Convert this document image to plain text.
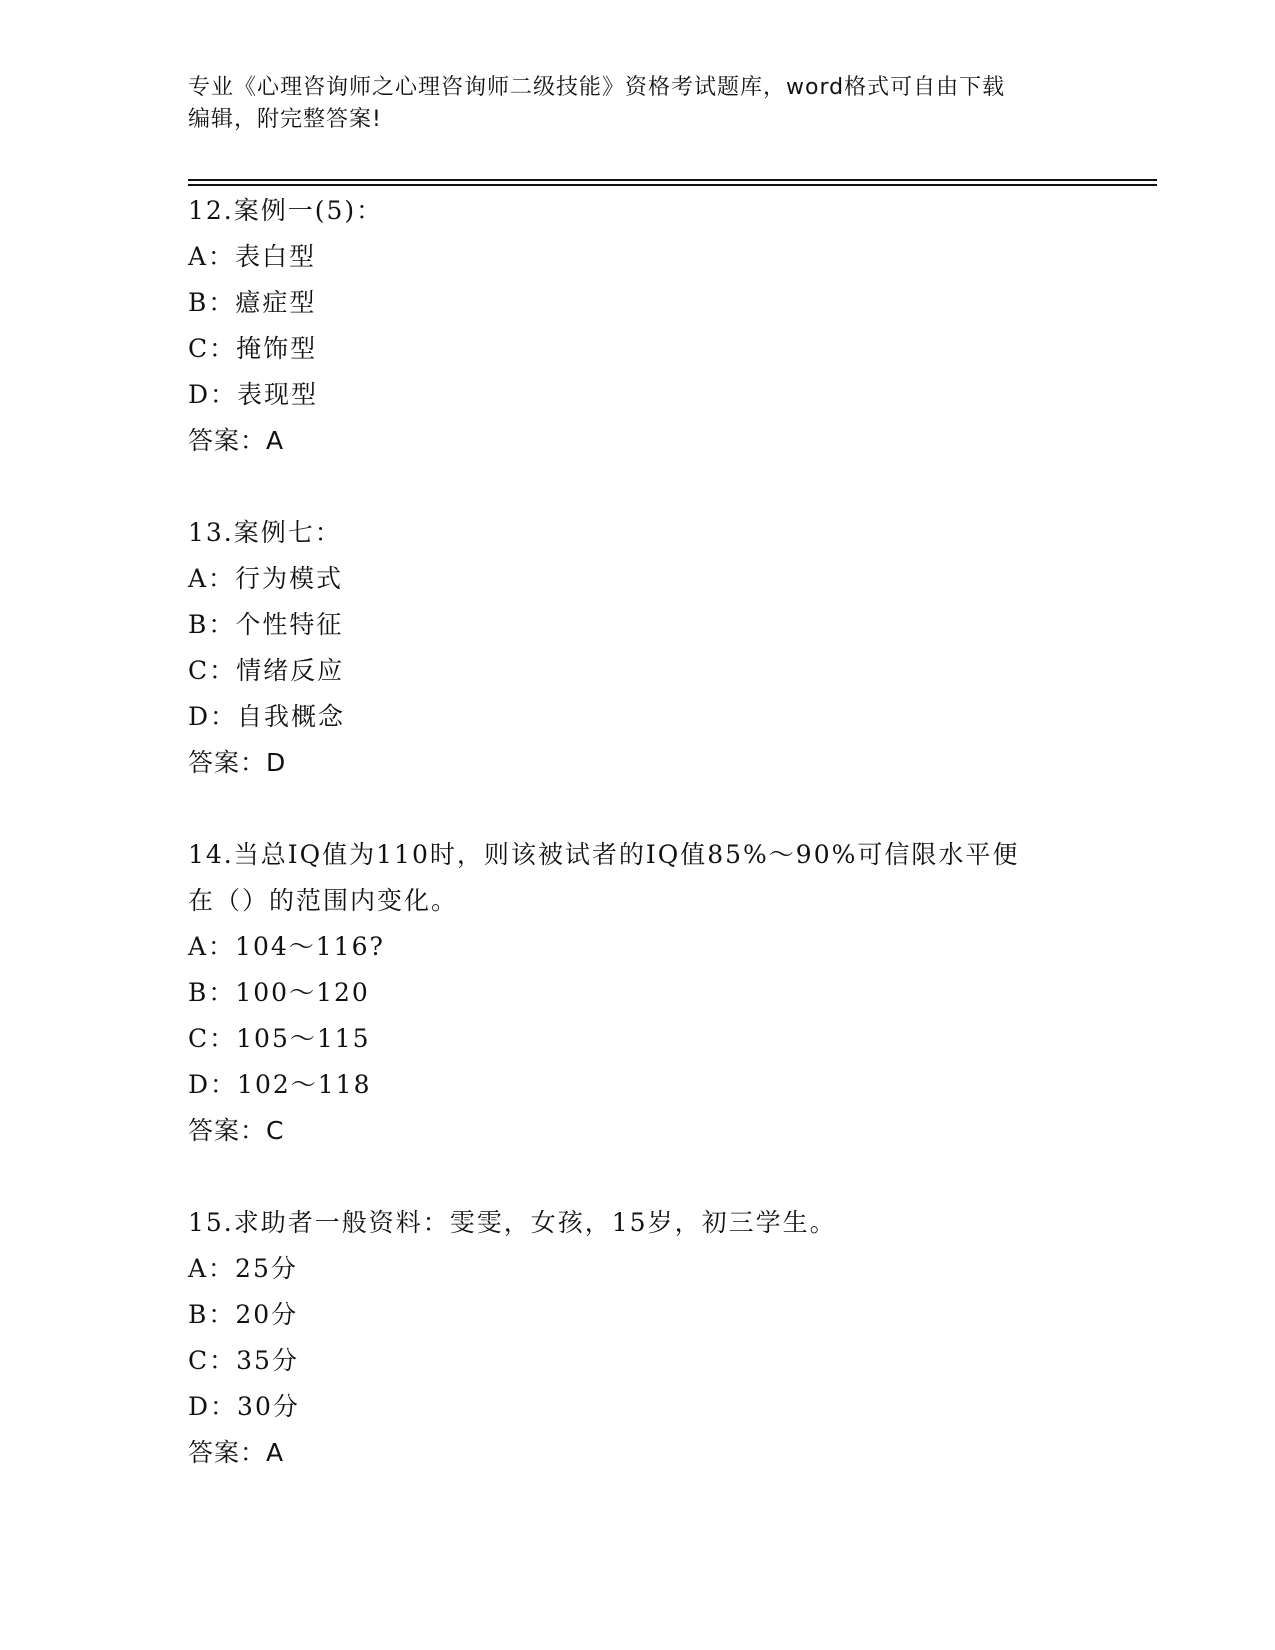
专业《心理咨询师之心理咨询师二级技能》资格考试题库，word格式可自由下载
编辑，附完整答案!
12.案例一(5)：
A：表白型
B：癔症型
C：掩饰型
D：表现型
答案：A
13.案例七：
A：行为模式
B：个性特征
C：情绪反应
D：自我概念
答案：D
14.当总IQ值为110时，则该被试者的IQ值85%～90%可信限水平便
在（）的范围内变化。
A：104～116?
B：100～120
C：105～115
D：102～118
答案：C
15.求助者一般资料：雯雯，女孩，15岁，初三学生。
A：25分
B：20分
C：35分
D：30分
答案：A
